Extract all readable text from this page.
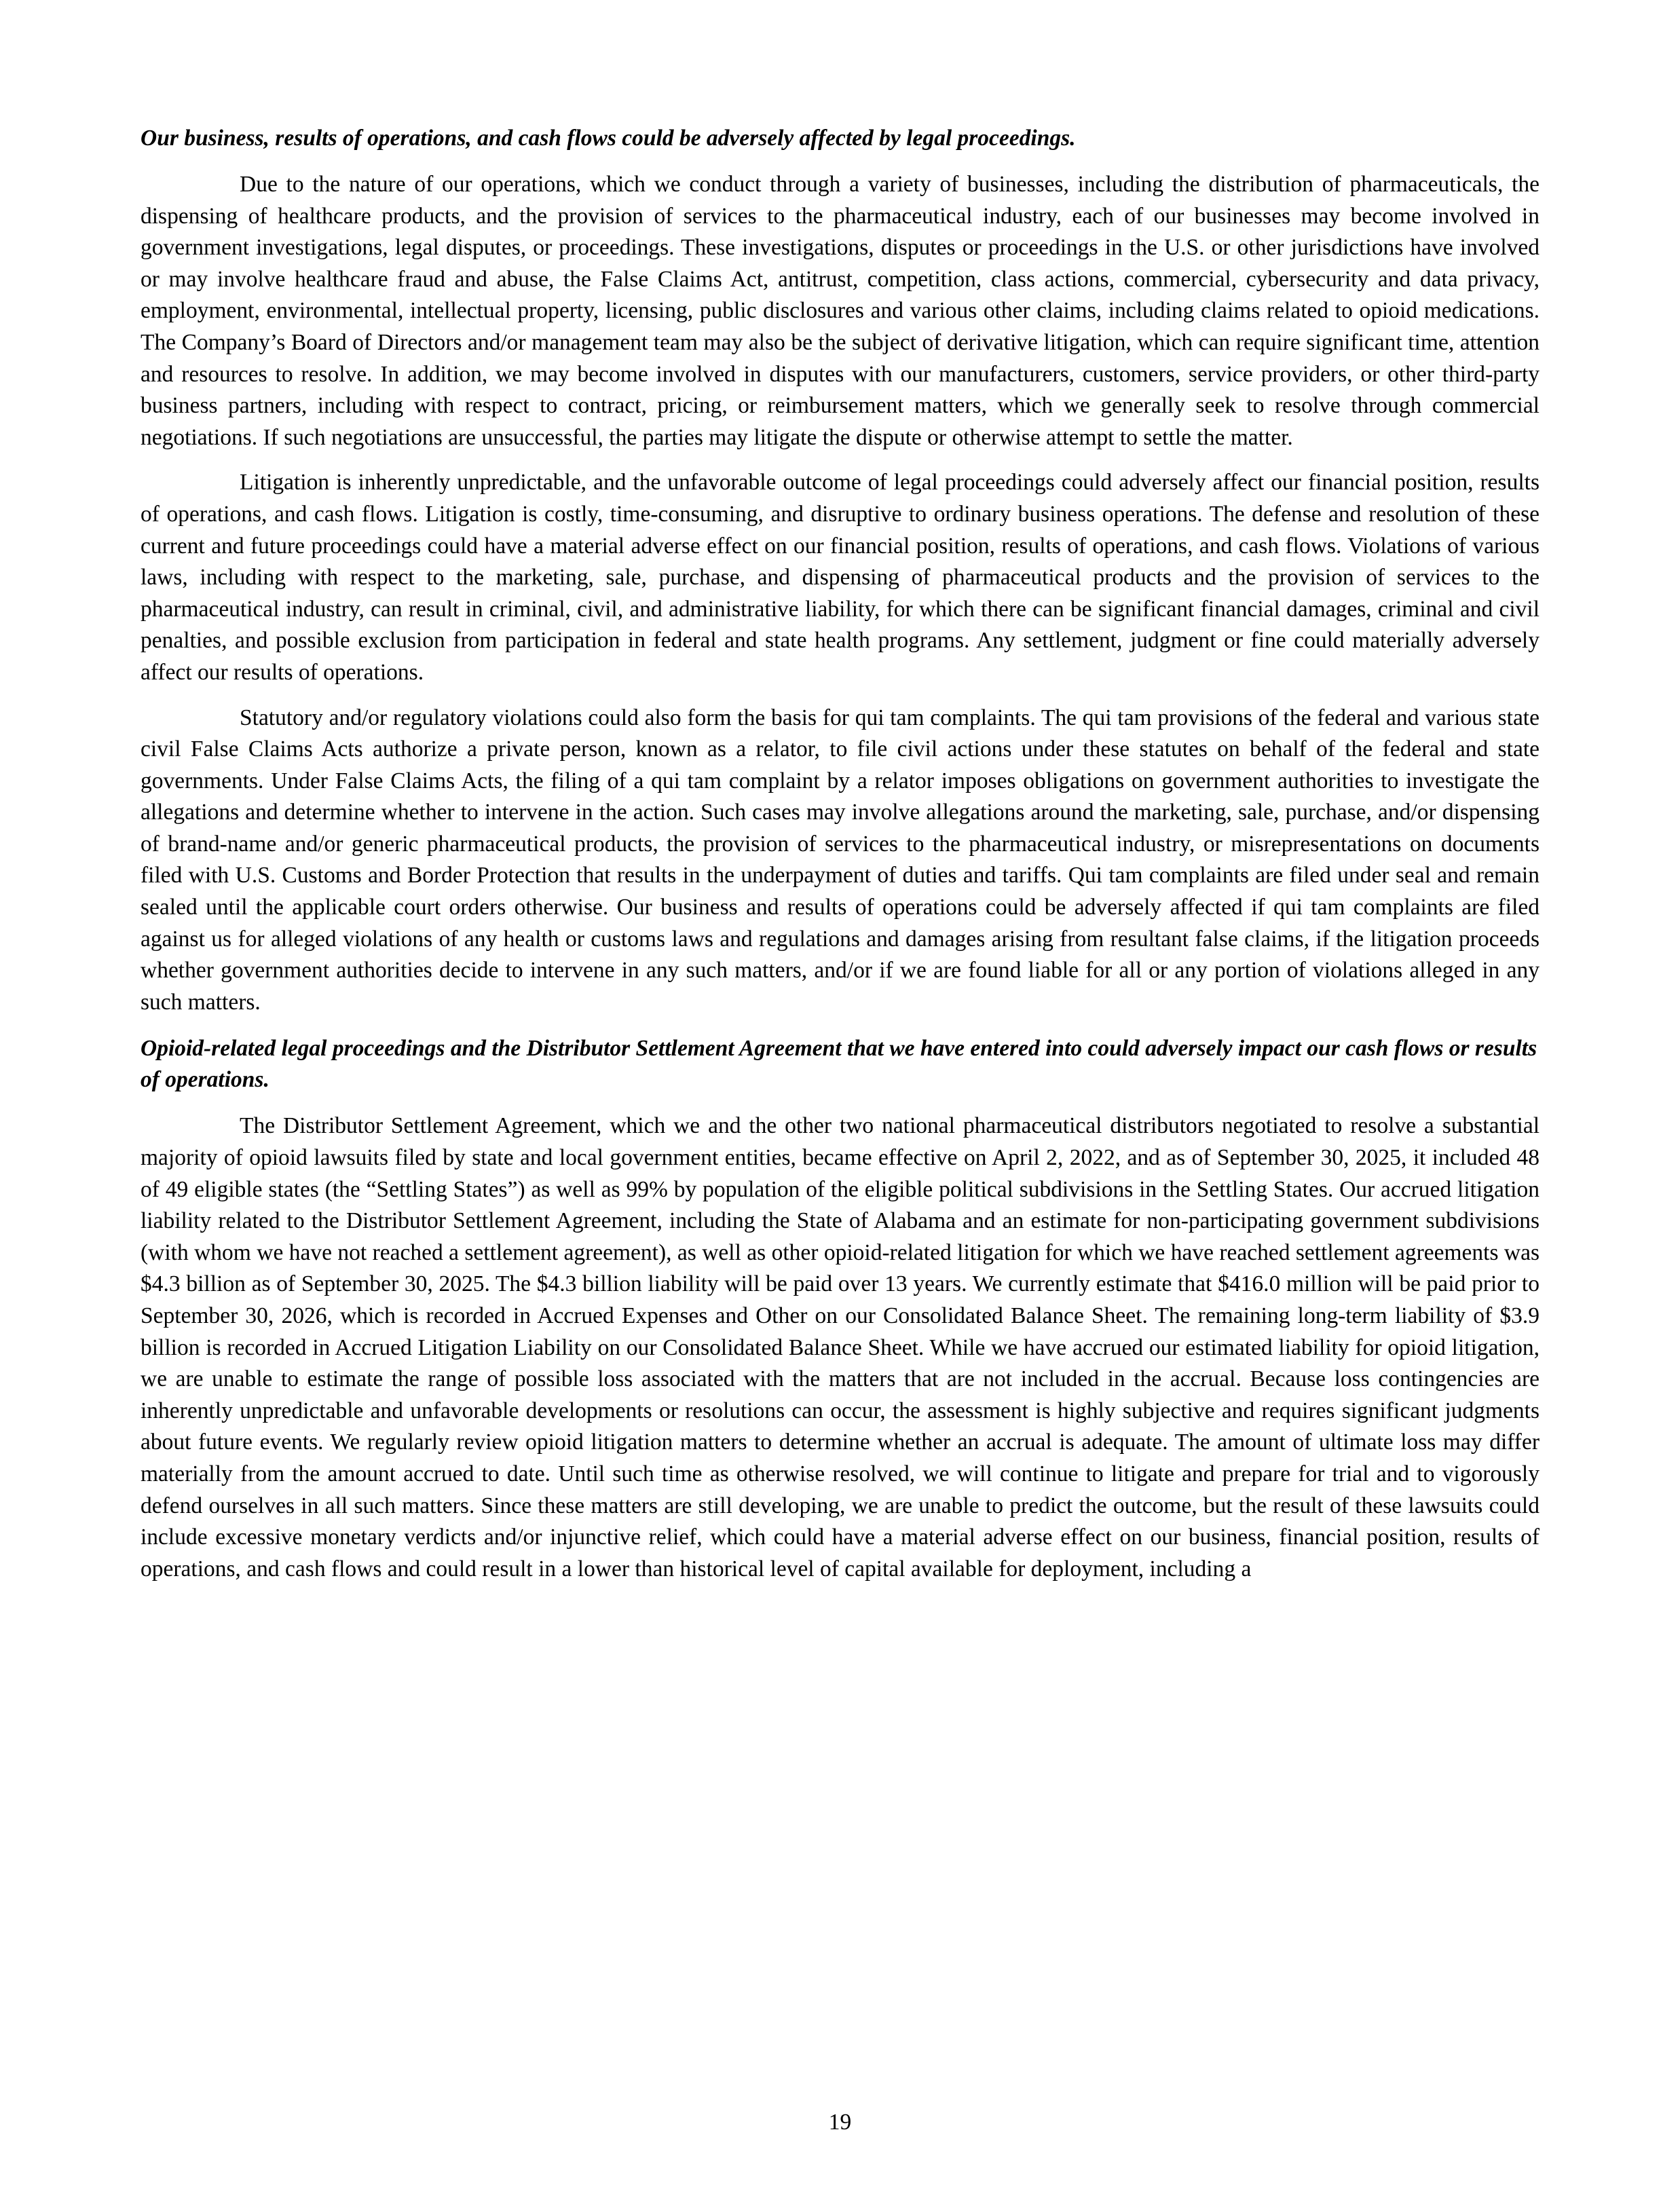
Our business, results of operations, and cash flows could be adversely affected by legal proceedings.

Due to the nature of our operations, which we conduct through a variety of businesses, including the distribution of pharmaceuticals, the dispensing of healthcare products, and the provision of services to the pharmaceutical industry, each of our businesses may become involved in government investigations, legal disputes, or proceedings. These investigations, disputes or proceedings in the U.S. or other jurisdictions have involved or may involve healthcare fraud and abuse, the False Claims Act, antitrust, competition, class actions, commercial, cybersecurity and data privacy, employment, environmental, intellectual property, licensing, public disclosures and various other claims, including claims related to opioid medications. The Company’s Board of Directors and/or management team may also be the subject of derivative litigation, which can require significant time, attention and resources to resolve. In addition, we may become involved in disputes with our manufacturers, customers, service providers, or other third-party business partners, including with respect to contract, pricing, or reimbursement matters, which we generally seek to resolve through commercial negotiations. If such negotiations are unsuccessful, the parties may litigate the dispute or otherwise attempt to settle the matter.

Litigation is inherently unpredictable, and the unfavorable outcome of legal proceedings could adversely affect our financial position, results of operations, and cash flows. Litigation is costly, time-consuming, and disruptive to ordinary business operations. The defense and resolution of these current and future proceedings could have a material adverse effect on our financial position, results of operations, and cash flows. Violations of various laws, including with respect to the marketing, sale, purchase, and dispensing of pharmaceutical products and the provision of services to the pharmaceutical industry, can result in criminal, civil, and administrative liability, for which there can be significant financial damages, criminal and civil penalties, and possible exclusion from participation in federal and state health programs. Any settlement, judgment or fine could materially adversely affect our results of operations.

Statutory and/or regulatory violations could also form the basis for qui tam complaints. The qui tam provisions of the federal and various state civil False Claims Acts authorize a private person, known as a relator, to file civil actions under these statutes on behalf of the federal and state governments. Under False Claims Acts, the filing of a qui tam complaint by a relator imposes obligations on government authorities to investigate the allegations and determine whether to intervene in the action. Such cases may involve allegations around the marketing, sale, purchase, and/or dispensing of brand-name and/or generic pharmaceutical products, the provision of services to the pharmaceutical industry, or misrepresentations on documents filed with U.S. Customs and Border Protection that results in the underpayment of duties and tariffs. Qui tam complaints are filed under seal and remain sealed until the applicable court orders otherwise. Our business and results of operations could be adversely affected if qui tam complaints are filed against us for alleged violations of any health or customs laws and regulations and damages arising from resultant false claims, if the litigation proceeds whether government authorities decide to intervene in any such matters, and/or if we are found liable for all or any portion of violations alleged in any such matters.

Opioid-related legal proceedings and the Distributor Settlement Agreement that we have entered into could adversely impact our cash flows or results of operations.

The Distributor Settlement Agreement, which we and the other two national pharmaceutical distributors negotiated to resolve a substantial majority of opioid lawsuits filed by state and local government entities, became effective on April 2, 2022, and as of September 30, 2025, it included 48 of 49 eligible states (the “Settling States”) as well as 99% by population of the eligible political subdivisions in the Settling States. Our accrued litigation liability related to the Distributor Settlement Agreement, including the State of Alabama and an estimate for non-participating government subdivisions (with whom we have not reached a settlement agreement), as well as other opioid-related litigation for which we have reached settlement agreements was $4.3 billion as of September 30, 2025. The $4.3 billion liability will be paid over 13 years. We currently estimate that $416.0 million will be paid prior to September 30, 2026, which is recorded in Accrued Expenses and Other on our Consolidated Balance Sheet. The remaining long-term liability of $3.9 billion is recorded in Accrued Litigation Liability on our Consolidated Balance Sheet. While we have accrued our estimated liability for opioid litigation, we are unable to estimate the range of possible loss associated with the matters that are not included in the accrual. Because loss contingencies are inherently unpredictable and unfavorable developments or resolutions can occur, the assessment is highly subjective and requires significant judgments about future events. We regularly review opioid litigation matters to determine whether an accrual is adequate. The amount of ultimate loss may differ materially from the amount accrued to date. Until such time as otherwise resolved, we will continue to litigate and prepare for trial and to vigorously defend ourselves in all such matters. Since these matters are still developing, we are unable to predict the outcome, but the result of these lawsuits could include excessive monetary verdicts and/or injunctive relief, which could have a material adverse effect on our business, financial position, results of operations, and cash flows and could result in a lower than historical level of capital available for deployment, including a

19
